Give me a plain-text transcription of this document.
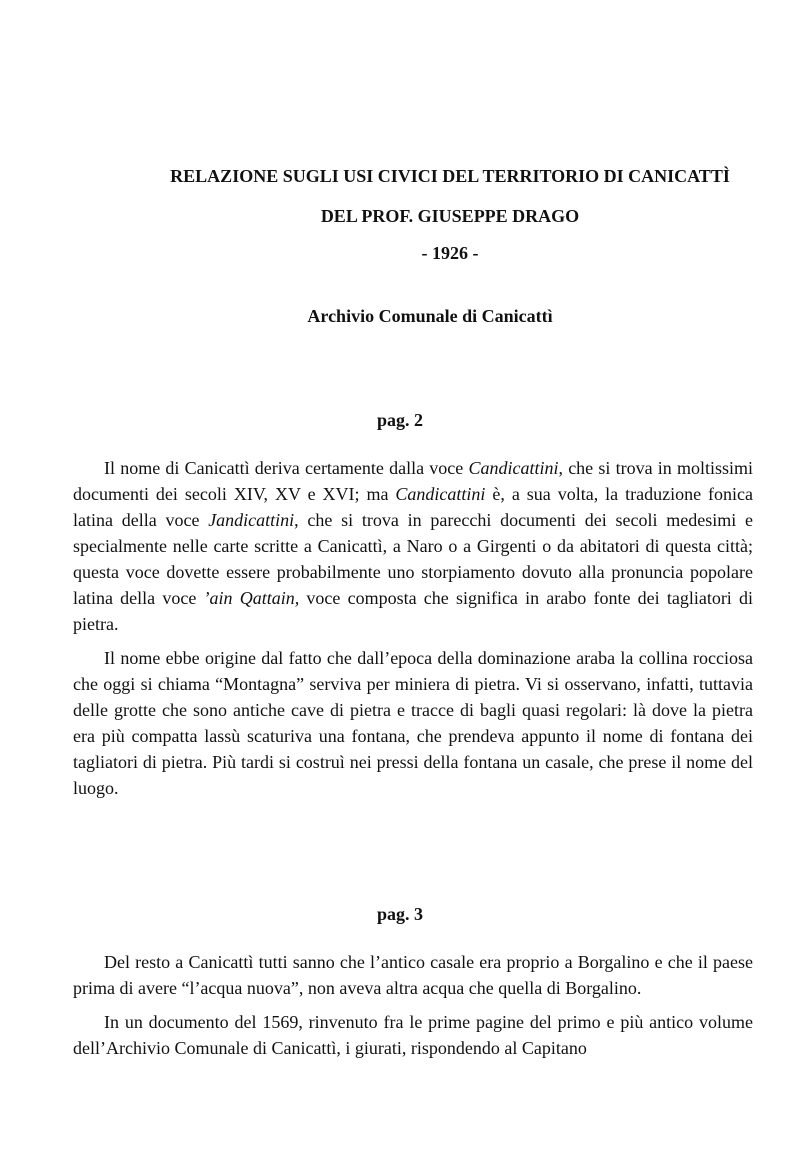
RELAZIONE SUGLI USI CIVICI DEL TERRITORIO DI CANICATTÌ
DEL PROF. GIUSEPPE DRAGO
- 1926 -
Archivio Comunale di Canicattì
pag. 2

Il nome di Canicattì deriva certamente dalla voce Candicattini, che si trova in moltissimi documenti dei secoli XIV, XV e XVI; ma Candicattini è, a sua volta, la traduzione fonica latina della voce Jandicattini, che si trova in parecchi documenti dei secoli medesimi e specialmente nelle carte scritte a Canicattì, a Naro o a Girgenti o da abitatori di questa città; questa voce dovette essere probabilmente uno storpiamento dovuto alla pronuncia popolare latina della voce ’ain Qattain, voce composta che significa in arabo fonte dei tagliatori di pietra.

Il nome ebbe origine dal fatto che dall’epoca della dominazione araba la collina rocciosa che oggi si chiama “Montagna” serviva per miniera di pietra. Vi si osservano, infatti, tuttavia delle grotte che sono antiche cave di pietra e tracce di bagli quasi regolari: là dove la pietra era più compatta lassù scaturiva una fontana, che prendeva appunto il nome di fontana dei tagliatori di pietra. Più tardi si costruì nei pressi della fontana un casale, che prese il nome del luogo.

pag. 3

Del resto a Canicattì tutti sanno che l’antico casale era proprio a Borgalino e che il paese prima di avere “l’acqua nuova”, non aveva altra acqua che quella di Borgalino.

In un documento del 1569, rinvenuto fra le prime pagine del primo e più antico volume dell’Archivio Comunale di Canicattì, i giurati, rispondendo al Capitano
